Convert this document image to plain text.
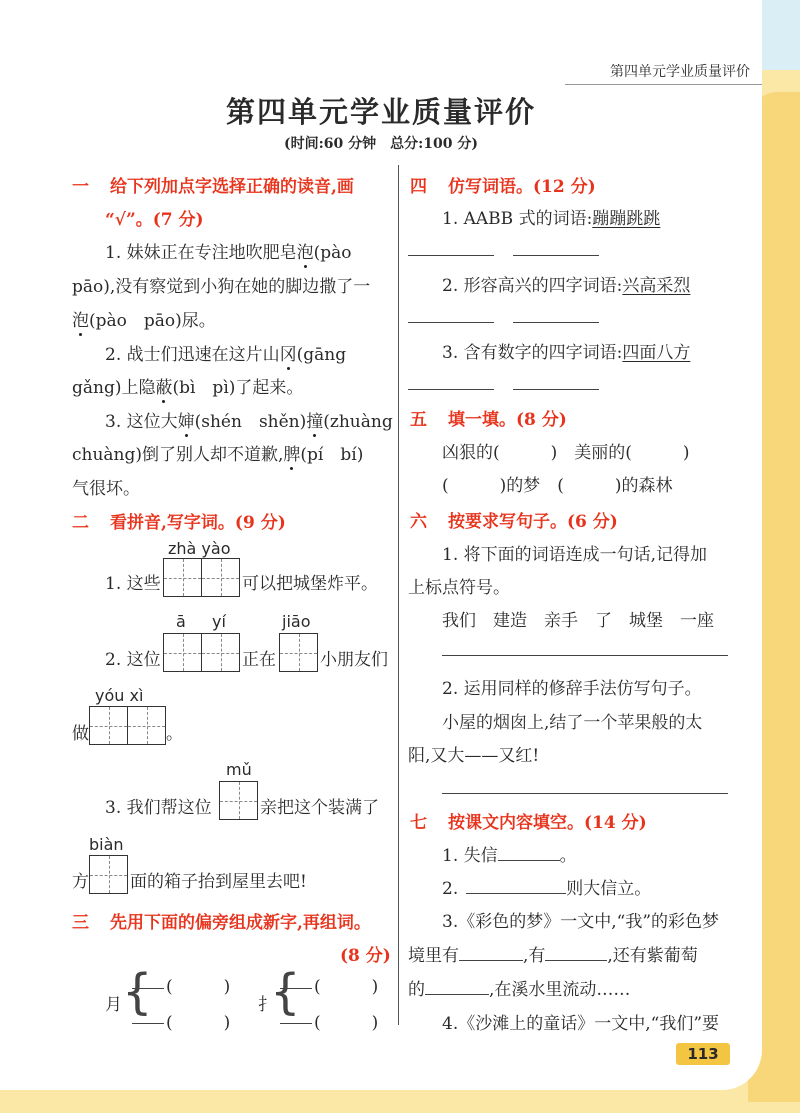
第四单元学业质量评价
第四单元学业质量评价
(时间:60 分钟　总分:100 分)
一 给下列加点字选择正确的读音,画
“√”。(7 分)
1. 妹妹正在专注地吹肥皂泡(pào
pāo),没有察觉到小狗在她的脚边撒了一
泡(pào　pāo)尿。
2. 战士们迅速在这片山冈(gāng
gǎng)上隐蔽(bì　pì)了起来。
3. 这位大婶(shén　shěn)撞(zhuàng
chuàng)倒了别人却不道歉,脾(pí　bí)
气很坏。
二 看拼音,写字词。(9 分)
zhà yào
1. 这些	可以把城堡炸平。
ā yí	jiāo
2. 这位	正在	小朋友们
yóu xì
做	。
mǔ
3. 我们帮这位	亲把这个装满了
biàn
方 面的箱子抬到屋里去吧!
三 先用下面的偏旁组成新字,再组词。
(8 分)
月 { (　　　)
(　　　)
扌
{ (　　　)
(　　　)
四 仿写词语。(12 分)
1. AABB 式的词语:蹦蹦跳跳
2. 形容高兴的四字词语:兴高采烈
3. 含有数字的四字词语:四面八方
五 填一填。(8 分)
凶狠的(　　　)　美丽的(　　　)
(　　　)的梦　(　　　)的森林
六 按要求写句子。(6 分)
1. 将下面的词语连成一句话,记得加
上标点符号。
我们　建造　亲手　了　城堡　一座
2. 运用同样的修辞手法仿写句子。
小屋的烟囱上,结了一个苹果般的太
阳,又大——又红!
七 按课文内容填空。(14 分)
1. 失信	。
2.	则大信立。
3.《彩色的梦》一文中,“我”的彩色梦
境里有	,有	,还有紫葡萄
的	,在溪水里流动……
4.《沙滩上的童话》一文中,“我们”要
113
